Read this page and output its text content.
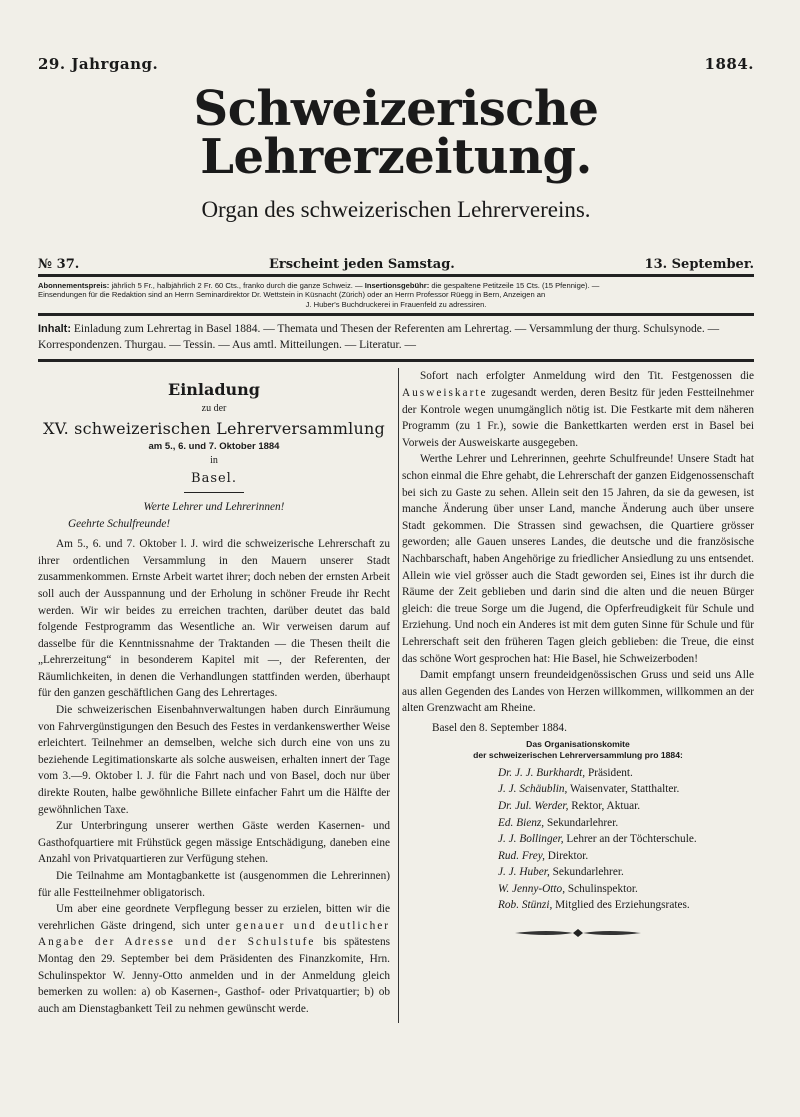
29. Jahrgang.	1884.
Schweizerische Lehrerzeitung.
Organ des schweizerischen Lehrervereins.
№ 37.	Erscheint jeden Samstag.	13. September.
Abonnementspreis: jährlich 5 Fr., halbjährlich 2 Fr. 60 Cts., franko durch die ganze Schweiz. — Insertionsgebühr: die gespaltene Petitzeile 15 Cts. (15 Pfennige). —
Einsendungen für die Redaktion sind an Herrn Seminardirektor Dr. Wettstein in Küsnacht (Zürich) oder an Herrn Professor Rüegg in Bern, Anzeigen an
J. Huber's Buchdruckerei in Frauenfeld zu adressiren.
Inhalt: Einladung zum Lehrertag in Basel 1884. — Themata und Thesen der Referenten am Lehrertag. — Versammlung der thurg. Schulsynode. — Korrespondenzen. Thurgau. — Tessin. — Aus amtl. Mitteilungen. — Literatur. —
Einladung
zu der
XV. schweizerischen Lehrerversammlung
am 5., 6. und 7. Oktober 1884
in
Basel.
Werte Lehrer und Lehrerinnen!
Geehrte Schulfreunde!

Am 5., 6. und 7. Oktober l. J. wird die schweizerische Lehrerschaft zu ihrer ordentlichen Versammlung in den Mauern unserer Stadt zusammenkommen. Ernste Arbeit wartet ihrer; doch neben der ernsten Arbeit soll auch der Ausspannung und der Erholung in schöner Freude ihr Recht werden. Wir wir beides zu erreichen trachten, darüber deutet das bald folgende Festprogramm das Wesentliche an. Wir verweisen darum auf dasselbe für die Kenntnissnahme der Traktanden — die Thesen theilt die „Lehrerzeitung“ in besonderem Kapitel mit —, der Referenten, der Räumlichkeiten, in denen die Verhandlungen stattfinden werden, überhaupt für den ganzen geschäftlichen Gang des Lehrertages.

Die schweizerischen Eisenbahnverwaltungen haben durch Einräumung von Fahrvergünstigungen den Besuch des Festes in verdankenswerther Weise erleichtert. Teilnehmer an demselben, welche sich durch eine von uns zu beziehende Legitimationskarte als solche ausweisen, erhalten innert der Tage vom 3.—9. Oktober l. J. für die Fahrt nach und von Basel, doch nur über direkte Routen, halbe gewöhnliche Billete einfacher Fahrt um die Hälfte der gewöhnlichen Taxe.

Zur Unterbringung unserer werthen Gäste werden Kasernen- und Gasthofquartiere mit Frühstück gegen mässige Entschädigung, daneben eine Anzahl von Privatquartieren zur Verfügung stehen.

Die Teilnahme am Montagbankette ist (ausgenommen die Lehrerinnen) für alle Festteilnehmer obligatorisch.

Um aber eine geordnete Verpflegung besser zu erzielen, bitten wir die verehrlichen Gäste dringend, sich unter genauer und deutlicher Angabe der Adresse und der Schulstufe bis spätestens Montag den 29. September bei dem Präsidenten des Finanzkomite, Hrn. Schulinspektor W. Jenny-Otto anmelden und in der Anmeldung gleich bemerken zu wollen: a) ob Kasernen-, Gasthof- oder Privatquartier; b) ob auch am Dienstagbankett Teil zu nehmen gewünscht werde.

Sofort nach erfolgter Anmeldung wird den Tit. Festgenossen die Ausweiskarte zugesandt werden, deren Besitz für jeden Festteilnehmer der Kontrole wegen unumgänglich nötig ist. Die Festkarte mit dem näheren Programm (zu 1 Fr.), sowie die Bankettkarten werden erst in Basel bei Vorweis der Ausweiskarte ausgegeben.

Werthe Lehrer und Lehrerinnen, geehrte Schulfreunde! Unsere Stadt hat schon einmal die Ehre gehabt, die Lehrerschaft der ganzen Eidgenossenschaft bei sich zu Gaste zu sehen. Allein seit den 15 Jahren, da sie da gewesen, ist manche Änderung über unser Land, manche Änderung auch über unsere Stadt gekommen. Die Strassen sind gewachsen, die Quartiere grösser geworden; alle Gauen unseres Landes, die deutsche und die französische Nachbarschaft, haben Angehörige zu friedlicher Ansiedlung zu uns entsendet. Allein wie viel grösser auch die Stadt geworden sei, Eines ist ihr durch die Räume der Zeit geblieben und darin sind die alten und die neuen Bürger gleich: die treue Sorge um die Jugend, die Opferfreudigkeit für Schule und Erziehung. Und noch ein Anderes ist mit dem guten Sinne für Schule und für Lehrerschaft seit den früheren Tagen gleich geblieben: die Treue, die einst das schöne Wort gesprochen hat: Hie Basel, hie Schweizerboden!

Damit empfangt unsern freundeidgenössischen Gruss und seid uns Alle aus allen Gegenden des Landes von Herzen willkommen, willkommen an der alten Grenzwacht am Rheine.

Basel den 8. September 1884.
Das Organisationskomite
der schweizerischen Lehrerversammlung pro 1884:
Dr. J. J. Burkhardt, Präsident.
J. J. Schäublin, Waisenvater, Statthalter.
Dr. Jul. Werder, Rektor, Aktuar.
Ed. Bienz, Sekundarlehrer.
J. J. Bollinger, Lehrer an der Töchterschule.
Rud. Frey, Direktor.
J. J. Huber, Sekundarlehrer.
W. Jenny-Otto, Schulinspektor.
Rob. Stünzi, Mitglied des Erziehungsrates.
